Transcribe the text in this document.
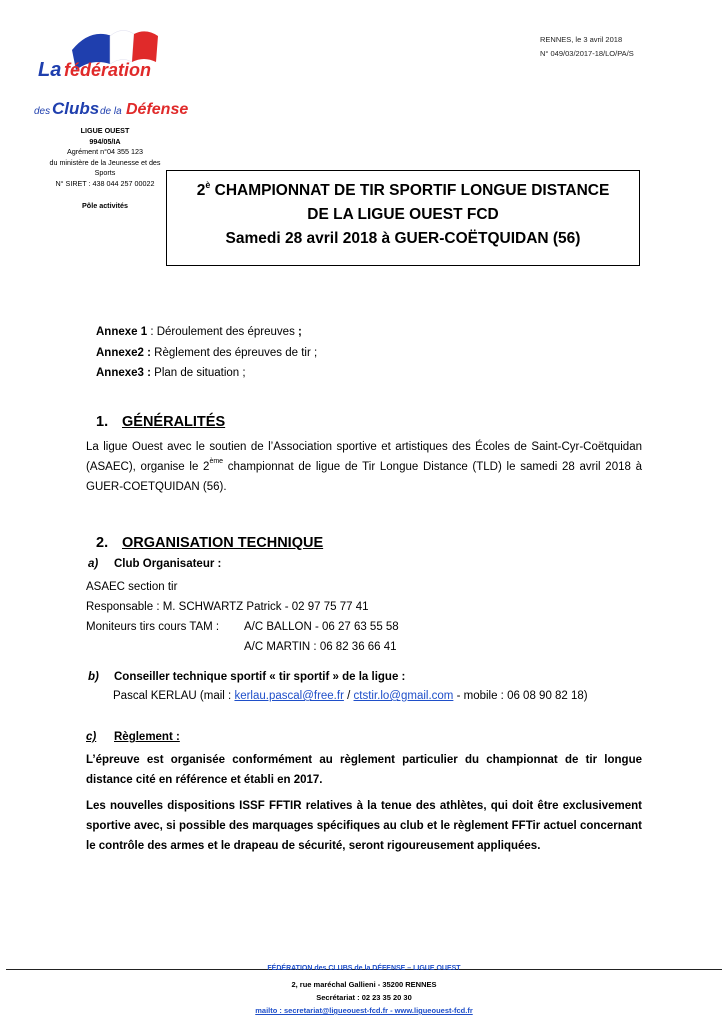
La fédération
des Clubs de la Défense
LIGUE OUEST
994/05/IA
Agrément n°04 355 123
du ministère de la Jeunesse et des
Sports
N° SIRET : 438 044 257 00022
Pôle activités
RENNES, le 3 avril 2018
N° 049/03/2017-18/LO/PA/S
$2^è$ CHAMPIONNAT DE TIR SPORTIF LONGUE DISTANCE
DE LA LIGUE OUEST FCD
Samedi 28 avril 2018 à GUER-COËTQUIDAN (56)
Annexe 1 : Déroulement des épreuves ;
Annexe2 : Règlement des épreuves de tir ;
Annexe3 : Plan de situation ;
1. GÉNÉRALITÉS
La ligue Ouest avec le soutien de l’Association sportive et artistiques des Écoles de Saint-Cyr-Coëtquidan (ASAEC), organise le 2ème championnat de ligue de Tir Longue Distance (TLD) le samedi 28 avril 2018 à GUER-COETQUIDAN (56).
2. ORGANISATION TECHNIQUE
a) Club Organisateur :
ASAEC section tir
Responsable : M. SCHWARTZ Patrick - 02 97 75 77 41
Moniteurs tirs cours TAM :	A/C BALLON - 06 27 63 55 58
A/C MARTIN : 06 82 36 66 41
b) Conseiller technique sportif « tir sportif » de la ligue :
Pascal KERLAU (mail : kerlau.pascal@free.fr / ctstir.lo@gmail.com - mobile : 06 08 90 82 18)
c) Règlement :
L’épreuve est organisée conformément au règlement particulier du championnat de tir longue distance cité en référence et établi en 2017.
Les nouvelles dispositions ISSF FFTIR relatives à la tenue des athlètes, qui doit être exclusivement sportive avec, si possible des marquages spécifiques au club et le règlement FFTir actuel concernant le contrôle des armes et le drapeau de sécurité, seront rigoureusement appliquées.
FÉDÉRATION des CLUBS de la DÉFENSE – LIGUE OUEST
2, rue maréchal Gallieni - 35200 RENNES
Secrétariat : 02 23 35 20 30
mailto : secretariat@ligueouest-fcd.fr - www.ligueouest-fcd.fr
